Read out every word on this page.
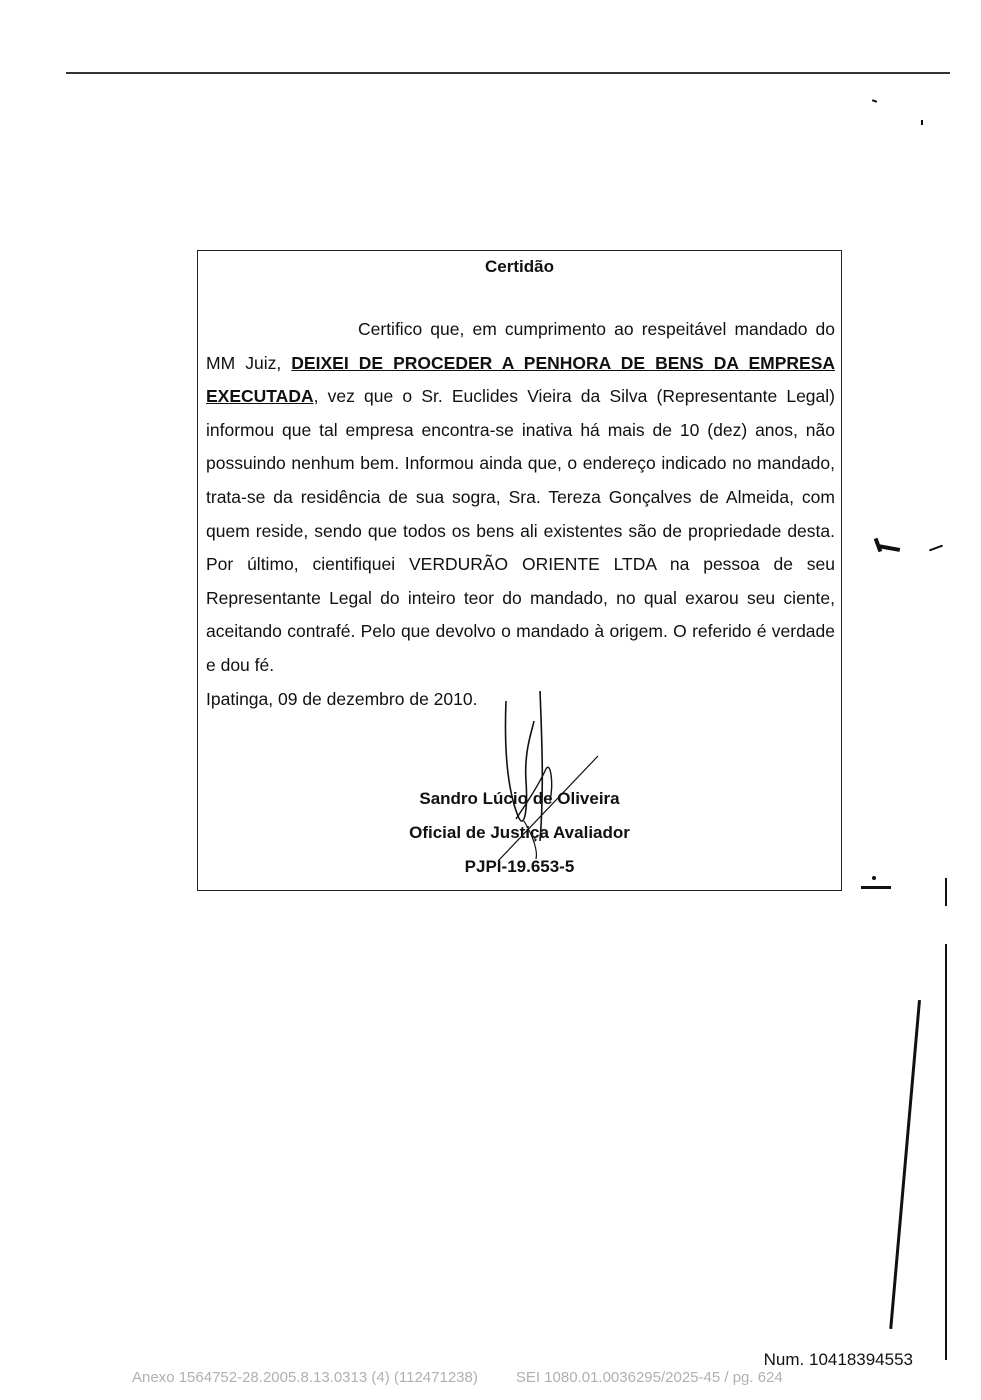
Certidão

Certifico que, em cumprimento ao respeitável mandado do MM Juiz, DEIXEI DE PROCEDER A PENHORA DE BENS DA EMPRESA EXECUTADA, vez que o Sr. Euclides Vieira da Silva (Representante Legal) informou que tal empresa encontra-se inativa há mais de 10 (dez) anos, não possuindo nenhum bem. Informou ainda que, o endereço indicado no mandado, trata-se da residência de sua sogra, Sra. Tereza Gonçalves de Almeida, com quem reside, sendo que todos os bens ali existentes são de propriedade desta. Por último, cientifiquei VERDURÃO ORIENTE LTDA na pessoa de seu Representante Legal do inteiro teor do mandado, no qual exarou seu ciente, aceitando contrafé. Pelo que devolvo o mandado à origem. O referido é verdade e dou fé.
Ipatinga, 09 de dezembro de 2010.

Sandro Lúcio de Oliveira
Oficial de Justiça Avaliador
PJPI-19.653-5
Num. 10418394553
Anexo 1564752-28.2005.8.13.0313 (4) (112471238)	SEI 1080.01.0036295/2025-45 / pg. 624
